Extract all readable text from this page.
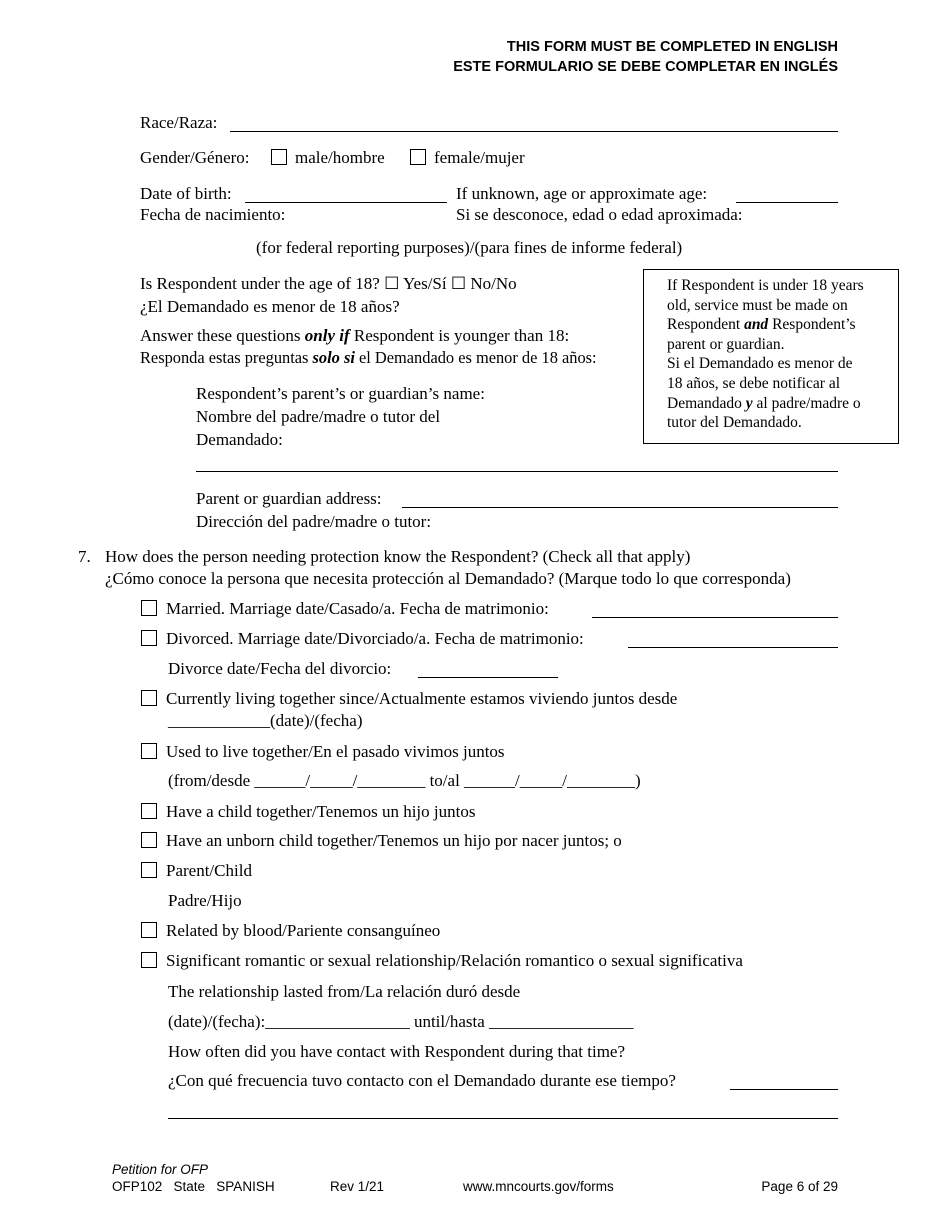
THIS FORM MUST BE COMPLETED IN ENGLISH
ESTE FORMULARIO SE DEBE COMPLETAR EN INGLÉS
Race/Raza:
Gender/Género:	male/hombre	female/mujer
Date of birth:	If unknown, age or approximate age:
Fecha de nacimiento:	Si se desconoce, edad o edad aproximada:
(for federal reporting purposes)/(para fines de informe federal)
Is Respondent under the age of 18? ☐ Yes/Sí ☐ No/No
¿El Demandado es menor de 18 años?
Answer these questions only if Respondent is younger than 18:
Responda estas preguntas solo si el Demandado es menor de 18 años:
Respondent’s parent’s or guardian’s name:
Nombre del padre/madre o tutor del
Demandado:
Parent or guardian address:
Dirección del padre/madre o tutor:
If Respondent is under 18 years
old, service must be made on
Respondent and Respondent’s
parent or guardian.
Si el Demandado es menor de
18 años, se debe notificar al
Demandado y al padre/madre o
tutor del Demandado.
7. How does the person needing protection know the Respondent? (Check all that apply)
¿Cómo conoce la persona que necesita protección al Demandado? (Marque todo lo que corresponda)
Married. Marriage date/Casado/a. Fecha de matrimonio:
Divorced. Marriage date/Divorciado/a. Fecha de matrimonio:
Divorce date/Fecha del divorcio:
Currently living together since/Actualmente estamos viviendo juntos desde
____________(date)/(fecha)
Used to live together/En el pasado vivimos juntos
(from/desde ______/_____/________ to/al ______/_____/________)
Have a child together/Tenemos un hijo juntos
Have an unborn child together/Tenemos un hijo por nacer juntos; o
Parent/Child
Padre/Hijo
Related by blood/Pariente consanguíneo
Significant romantic or sexual relationship/Relación romantico o sexual significativa
The relationship lasted from/La relación duró desde
(date)/(fecha):_________________ until/hasta _________________
How often did you have contact with Respondent during that time?
¿Con qué frecuencia tuvo contacto con el Demandado durante ese tiempo?
Petition for OFP
OFP102   State   SPANISH	Rev 1/21	www.mncourts.gov/forms	Page 6 of 29
